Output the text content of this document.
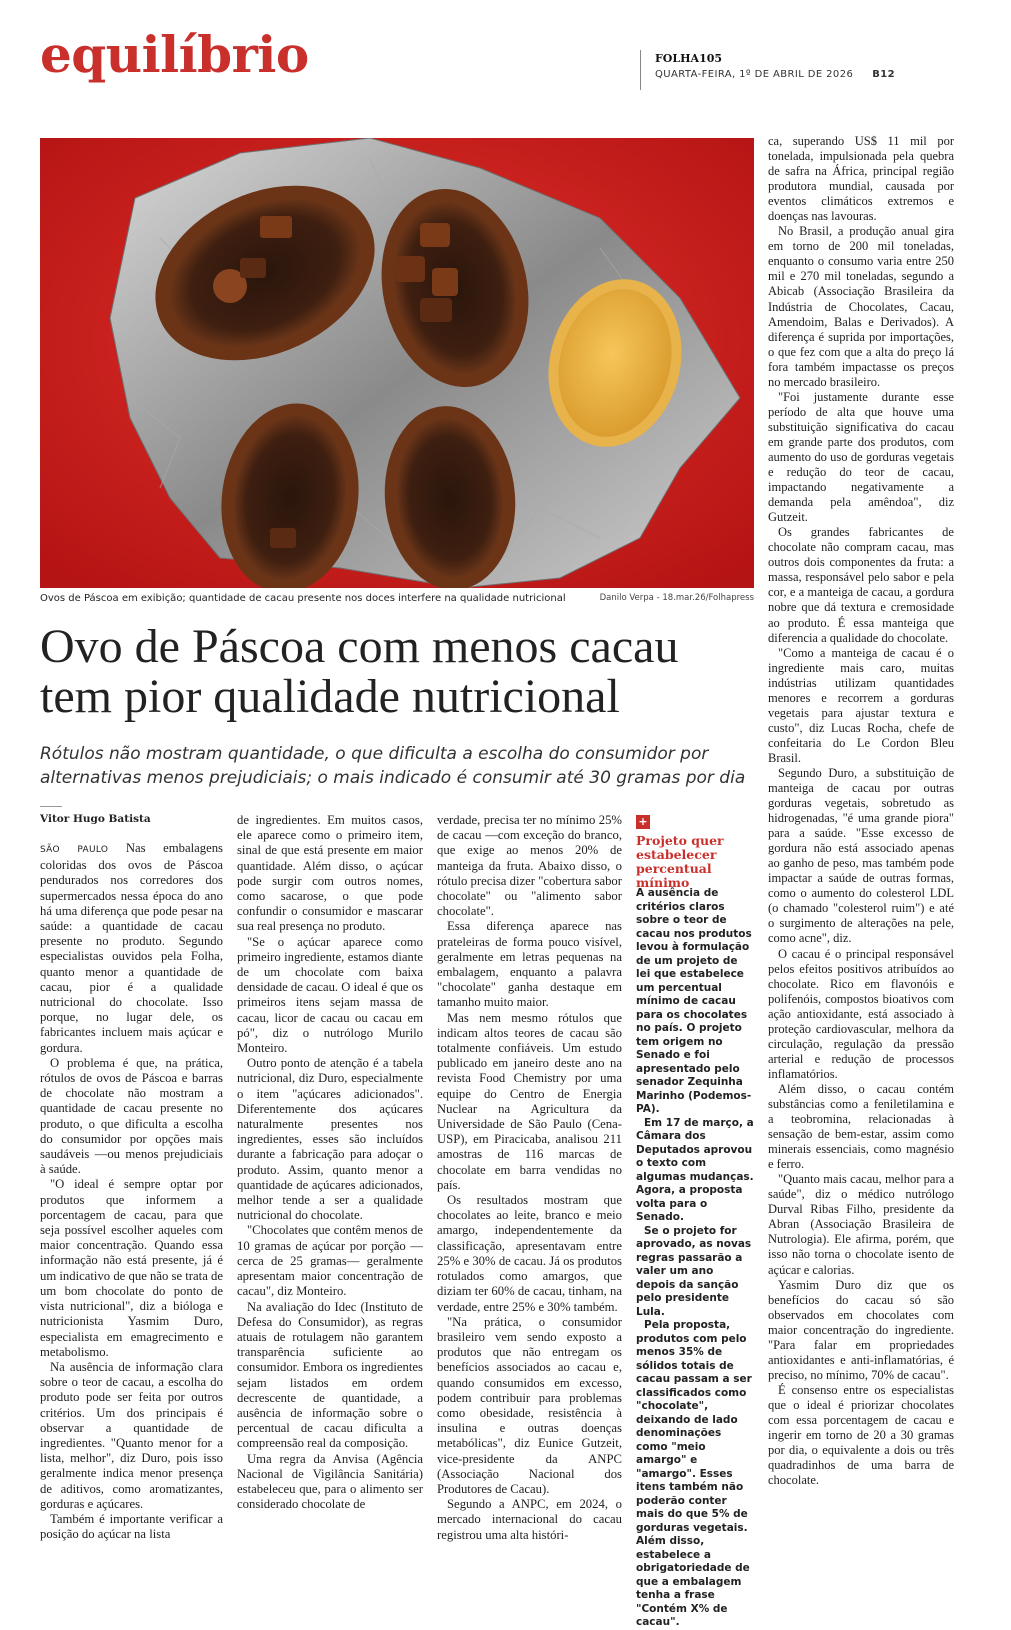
equilíbrio	FOLHA105
QUARTA-FEIRA, 1º DE ABRIL DE 2026 B12
Ovos de Páscoa em exibição; quantidade de cacau presente nos doces interfere na qualidade nutricional	Danilo Verpa - 18.mar.26/Folhapress
Ovo de Páscoa com menos cacau tem pior qualidade nutricional
Rótulos não mostram quantidade, o que dificulta a escolha do consumidor por alternativas menos prejudiciais; o mais indicado é consumir até 30 gramas por dia
Vitor Hugo Batista

SÃO PAULO Nas embalagens coloridas dos ovos de Páscoa pendurados nos corredores dos supermercados nessa época do ano há uma diferença que pode pesar na saúde: a quantidade de cacau presente no produto. Segundo especialistas ouvidos pela Folha, quanto menor a quantidade de cacau, pior é a qualidade nutricional do chocolate. Isso porque, no lugar dele, os fabricantes incluem mais açúcar e gordura.

O problema é que, na prática, rótulos de ovos de Páscoa e barras de chocolate não mostram a quantidade de cacau presente no produto, o que dificulta a escolha do consumidor por opções mais saudáveis —ou menos prejudiciais à saúde.

"O ideal é sempre optar por produtos que informem a porcentagem de cacau, para que seja possível escolher aqueles com maior concentração. Quando essa informação não está presente, já é um indicativo de que não se trata de um bom chocolate do ponto de vista nutricional", diz a bióloga e nutricionista Yasmim Duro, especialista em emagrecimento e metabolismo.

Na ausência de informação clara sobre o teor de cacau, a escolha do produto pode ser feita por outros critérios. Um dos principais é observar a quantidade de ingredientes. "Quanto menor for a lista, melhor", diz Duro, pois isso geralmente indica menor presença de aditivos, como aromatizantes, gorduras e açúcares.

Também é importante verificar a posição do açúcar na lista

de ingredientes. Em muitos casos, ele aparece como o primeiro item, sinal de que está presente em maior quantidade. Além disso, o açúcar pode surgir com outros nomes, como sacarose, o que pode confundir o consumidor e mascarar sua real presença no produto.

"Se o açúcar aparece como primeiro ingrediente, estamos diante de um chocolate com baixa densidade de cacau. O ideal é que os primeiros itens sejam massa de cacau, licor de cacau ou cacau em pó", diz o nutrólogo Murilo Monteiro.

Outro ponto de atenção é a tabela nutricional, diz Duro, especialmente o item "açúcares adicionados". Diferentemente dos açúcares naturalmente presentes nos ingredientes, esses são incluídos durante a fabricação para adoçar o produto. Assim, quanto menor a quantidade de açúcares adicionados, melhor tende a ser a qualidade nutricional do chocolate.

"Chocolates que contêm menos de 10 gramas de açúcar por porção —cerca de 25 gramas— geralmente apresentam maior concentração de cacau", diz Monteiro.

Na avaliação do Idec (Instituto de Defesa do Consumidor), as regras atuais de rotulagem não garantem transparência suficiente ao consumidor. Embora os ingredientes sejam listados em ordem decrescente de quantidade, a ausência de informação sobre o percentual de cacau dificulta a compreensão real da composição.

Uma regra da Anvisa (Agência Nacional de Vigilância Sanitária) estabeleceu que, para o alimento ser considerado chocolate de

verdade, precisa ter no mínimo 25% de cacau —com exceção do branco, que exige ao menos 20% de manteiga da fruta. Abaixo disso, o rótulo precisa dizer "cobertura sabor chocolate" ou "alimento sabor chocolate".

Essa diferença aparece nas prateleiras de forma pouco visível, geralmente em letras pequenas na embalagem, enquanto a palavra "chocolate" ganha destaque em tamanho muito maior.

Mas nem mesmo rótulos que indicam altos teores de cacau são totalmente confiáveis. Um estudo publicado em janeiro deste ano na revista Food Chemistry por uma equipe do Centro de Energia Nuclear na Agricultura da Universidade de São Paulo (Cena-USP), em Piracicaba, analisou 211 amostras de 116 marcas de chocolate em barra vendidas no país.

Os resultados mostram que chocolates ao leite, branco e meio amargo, independentemente da classificação, apresentavam entre 25% e 30% de cacau. Já os produtos rotulados como amargos, que diziam ter 60% de cacau, tinham, na verdade, entre 25% e 30% também.

"Na prática, o consumidor brasileiro vem sendo exposto a produtos que não entregam os benefícios associados ao cacau e, quando consumidos em excesso, podem contribuir para problemas como obesidade, resistência à insulina e outras doenças metabólicas", diz Eunice Gutzeit, vice-presidente da ANPC (Associação Nacional dos Produtores de Cacau).

Segundo a ANPC, em 2024, o mercado internacional do cacau registrou uma alta históri-

+
Projeto quer estabelecer percentual mínimo

A ausência de critérios claros sobre o teor de cacau nos produtos levou à formulação de um projeto de lei que estabelece um percentual mínimo de cacau para os chocolates no país. O projeto tem origem no Senado e foi apresentado pelo senador Zequinha Marinho (Podemos-PA).

Em 17 de março, a Câmara dos Deputados aprovou o texto com algumas mudanças. Agora, a proposta volta para o Senado.

Se o projeto for aprovado, as novas regras passarão a valer um ano depois da sanção pelo presidente Lula.

Pela proposta, produtos com pelo menos 35% de sólidos totais de cacau passam a ser classificados como "chocolate", deixando de lado denominações como "meio amargo" e "amargo". Esses itens também não poderão conter mais do que 5% de gorduras vegetais. Além disso, estabelece a obrigatoriedade de que a embalagem tenha a frase "Contém X% de cacau".

ca, superando US$ 11 mil por tonelada, impulsionada pela quebra de safra na África, principal região produtora mundial, causada por eventos climáticos extremos e doenças nas lavouras.

No Brasil, a produção anual gira em torno de 200 mil toneladas, enquanto o consumo varia entre 250 mil e 270 mil toneladas, segundo a Abicab (Associação Brasileira da Indústria de Chocolates, Cacau, Amendoim, Balas e Derivados). A diferença é suprida por importações, o que fez com que a alta do preço lá fora também impactasse os preços no mercado brasileiro.

"Foi justamente durante esse período de alta que houve uma substituição significativa do cacau em grande parte dos produtos, com aumento do uso de gorduras vegetais e redução do teor de cacau, impactando negativamente a demanda pela amêndoa", diz Gutzeit.

Os grandes fabricantes de chocolate não compram cacau, mas outros dois componentes da fruta: a massa, responsável pelo sabor e pela cor, e a manteiga de cacau, a gordura nobre que dá textura e cremosidade ao produto. É essa manteiga que diferencia a qualidade do chocolate.

"Como a manteiga de cacau é o ingrediente mais caro, muitas indústrias utilizam quantidades menores e recorrem a gorduras vegetais para ajustar textura e custo", diz Lucas Rocha, chefe de confeitaria do Le Cordon Bleu Brasil.

Segundo Duro, a substituição de manteiga de cacau por outras gorduras vegetais, sobretudo as hidrogenadas, "é uma grande piora" para a saúde. "Esse excesso de gordura não está associado apenas ao ganho de peso, mas também pode impactar a saúde de outras formas, como o aumento do colesterol LDL (o chamado "colesterol ruim") e até o surgimento de alterações na pele, como acne", diz.

O cacau é o principal responsável pelos efeitos positivos atribuídos ao chocolate. Rico em flavonóis e polifenóis, compostos bioativos com ação antioxidante, está associado à proteção cardiovascular, melhora da circulação, regulação da pressão arterial e redução de processos inflamatórios.

Além disso, o cacau contém substâncias como a feniletilamina e a teobromina, relacionadas à sensação de bem-estar, assim como minerais essenciais, como magnésio e ferro.

"Quanto mais cacau, melhor para a saúde", diz o médico nutrólogo Durval Ribas Filho, presidente da Abran (Associação Brasileira de Nutrologia). Ele afirma, porém, que isso não torna o chocolate isento de açúcar e calorias.

Yasmim Duro diz que os benefícios do cacau só são observados em chocolates com maior concentração do ingrediente. "Para falar em propriedades antioxidantes e anti-inflamatórias, é preciso, no mínimo, 70% de cacau".

É consenso entre os especialistas que o ideal é priorizar chocolates com essa porcentagem de cacau e ingerir em torno de 20 a 30 gramas por dia, o equivalente a dois ou três quadradinhos de uma barra de chocolate.
